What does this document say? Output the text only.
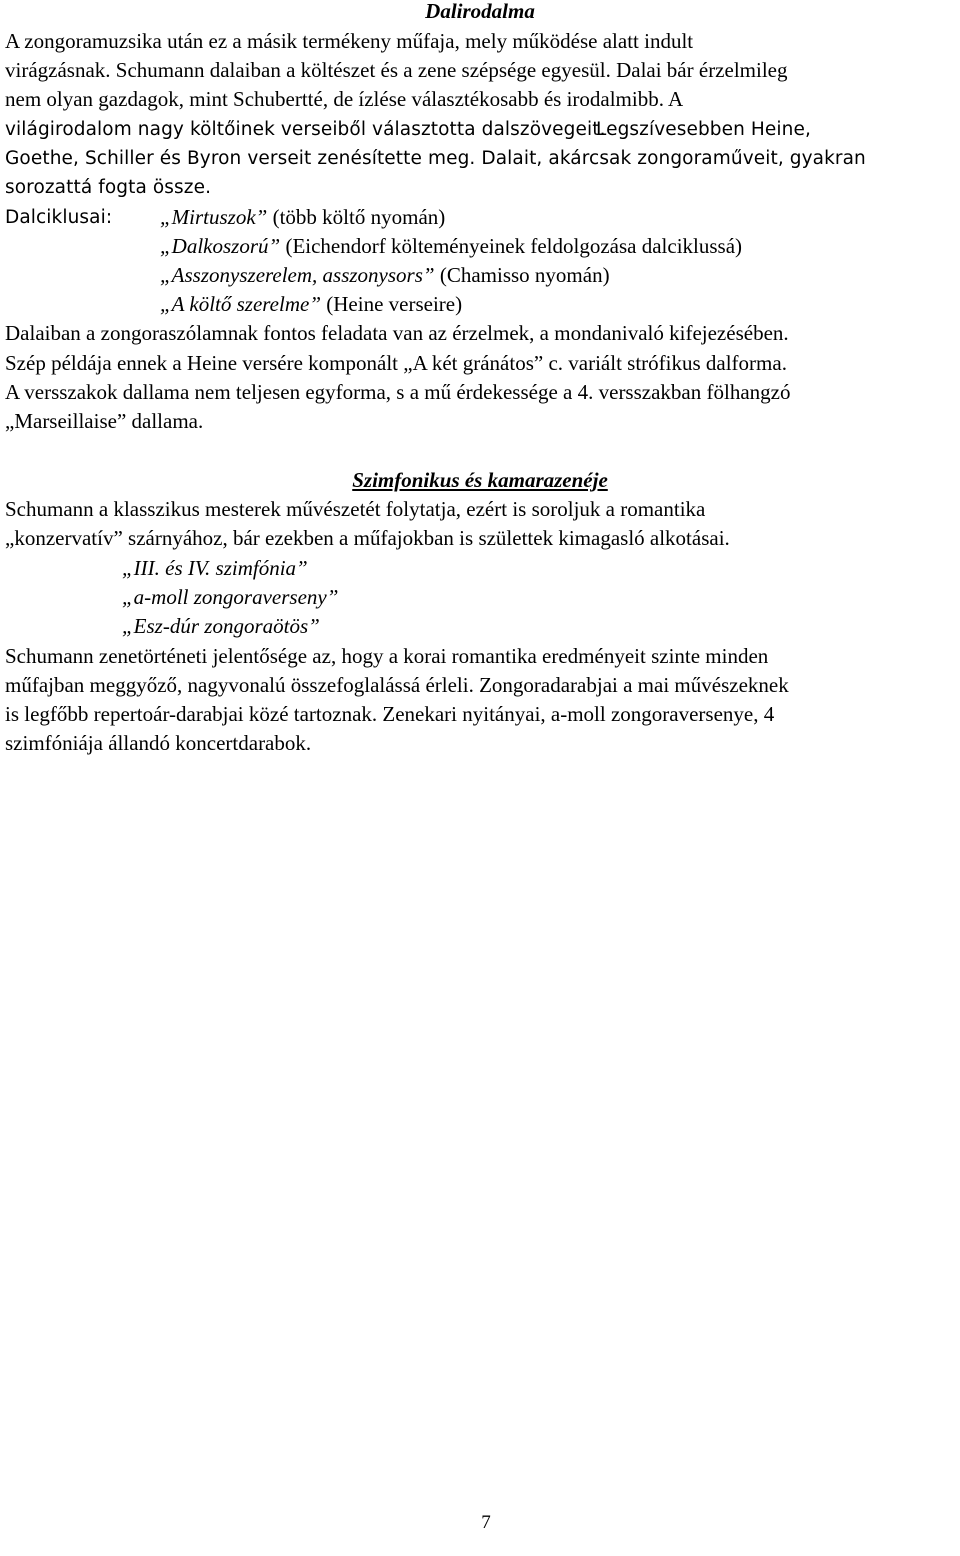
Dalirodalma
A zongoramuzsika után ez a másik termékeny műfaja, mely működése alatt indult
virágzásnak. Schumann dalaiban a költészet és a zene szépsége egyesül. Dalai bár érzelmileg
nem olyan gazdagok, mint Schubertté, de ízlése választékosabb és irodalmibb. A
világirodalom nagy költőinek verseiből választotta dalszövegeit.
Legszívesebben Heine,
Goethe, Schiller és Byron verseit zenésítette meg. Dalait, akárcsak zongoraműveit, gyakran
sorozattá fogta össze.
Dalciklusai: „Mirtuszok” (több költő nyomán)
„Dalkoszorú” (Eichendorf költeményeinek feldolgozása dalciklussá)
„Asszonyszerelem, asszonysors” (Chamisso nyomán)
„A költő szerelme” (Heine verseire)
Dalaiban a zongoraszólamnak fontos feladata van az érzelmek, a mondanivaló kifejezésében.
Szép példája ennek a Heine versére komponált „A két gránátos” c. variált strófikus dalforma.
A versszakok dallama nem teljesen egyforma, s a mű érdekessége a 4. versszakban fölhangzó
„Marseillaise” dallama.
Szimfonikus és kamarazenéje
Schumann a klasszikus mesterek művészetét folytatja, ezért is soroljuk a romantika
„konzervatív” szárnyához, bár ezekben a műfajokban is születtek kimagasló alkotásai.
„III. és IV. szimfónia”
„a-moll zongoraverseny”
„Esz-dúr zongoraötös”
Schumann zenetörténeti jelentősége az, hogy a korai romantika eredményeit szinte minden
műfajban meggyőző, nagyvonalú összefoglalássá érleli. Zongoradarabjai a mai művészeknek
is legfőbb repertoár-darabjai közé tartoznak. Zenekari nyitányai, a-moll zongoraversenye, 4
szimfóniája állandó koncertdarabok.
7
